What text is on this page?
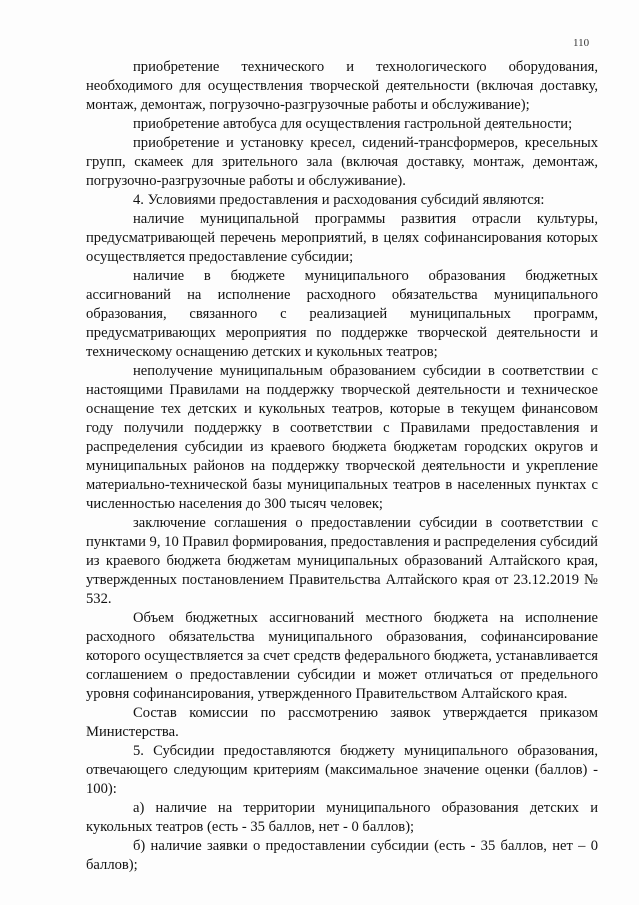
110

приобретение технического и технологического оборудования, необходимого для осуществления творческой деятельности (включая доставку, монтаж, демонтаж, погрузочно-разгрузочные работы и обслуживание);

приобретение автобуса для осуществления гастрольной деятельности;

приобретение и установку кресел, сидений-трансформеров, кресельных групп, скамеек для зрительного зала (включая доставку, монтаж, демонтаж, погрузочно-разгрузочные работы и обслуживание).

4. Условиями предоставления и расходования субсидий являются:

наличие муниципальной программы развития отрасли культуры, предусматривающей перечень мероприятий, в целях софинансирования которых осуществляется предоставление субсидии;

наличие в бюджете муниципального образования бюджетных ассигнований на исполнение расходного обязательства муниципального образования, связанного с реализацией муниципальных программ, предусматривающих мероприятия по поддержке творческой деятельности и техническому оснащению детских и кукольных театров;

неполучение муниципальным образованием субсидии в соответствии с настоящими Правилами на поддержку творческой деятельности и техническое оснащение тех детских и кукольных театров, которые в текущем финансовом году получили поддержку в соответствии с Правилами предоставления и распределения субсидии из краевого бюджета бюджетам городских округов и муниципальных районов на поддержку творческой деятельности и укрепление материально-технической базы муниципальных театров в населенных пунктах с численностью населения до 300 тысяч человек;

заключение соглашения о предоставлении субсидии в соответствии с пунктами 9, 10 Правил формирования, предоставления и распределения субсидий из краевого бюджета бюджетам муниципальных образований Алтайского края, утвержденных постановлением Правительства Алтайского края от 23.12.2019 № 532.

Объем бюджетных ассигнований местного бюджета на исполнение расходного обязательства муниципального образования, софинансирование которого осуществляется за счет средств федерального бюджета, устанавливается соглашением о предоставлении субсидии и может отличаться от предельного уровня софинансирования, утвержденного Правительством Алтайского края.

Состав комиссии по рассмотрению заявок утверждается приказом Министерства.

5. Субсидии предоставляются бюджету муниципального образования, отвечающего следующим критериям (максимальное значение оценки (баллов) - 100):

а) наличие на территории муниципального образования детских и кукольных театров (есть - 35 баллов, нет - 0 баллов);

б) наличие заявки о предоставлении субсидии (есть - 35 баллов, нет – 0 баллов);
